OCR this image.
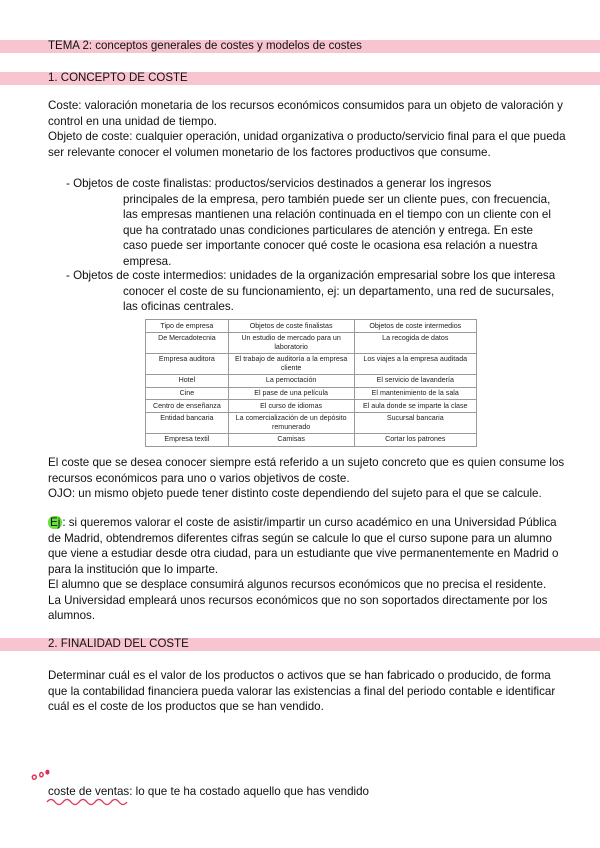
TEMA 2: conceptos generales de costes y modelos de costes
1. CONCEPTO DE COSTE

Coste: valoración monetaria de los recursos económicos consumidos para un objeto de valoración y control en una unidad de tiempo.

Objeto de coste: cualquier operación, unidad organizativa o producto/servicio final para el que pueda ser relevante conocer el volumen monetario de los factores productivos que consume.

- Objetos de coste finalistas: productos/servicios destinados a generar los ingresos
principales de la empresa, pero también puede ser un cliente pues, con frecuencia, las empresas mantienen una relación continuada en el tiempo con un cliente con el que ha contratado unas condiciones particulares de atención y entrega. En este caso puede ser importante conocer qué coste le ocasiona esa relación a nuestra empresa.
- Objetos de coste intermedios: unidades de la organización empresarial sobre los que interesa
conocer el coste de su funcionamiento, ej: un departamento, una red de sucursales, las oficinas centrales.
Tipo de empresa	Objetos de coste finalistas	Objetos de coste intermedios
De Mercadotecnia	Un estudio de mercado para un laboratorio	La recogida de datos
Empresa auditora	El trabajo de auditoría a la empresa cliente	Los viajes a la empresa auditada
Hotel	La pernoctación	El servicio de lavandería
Cine	El pase de una película	El mantenimiento de la sala
Centro de enseñanza	El curso de idiomas	El aula donde se imparte la clase
Entidad bancaria	La comercialización de un depósito remunerado	Sucursal bancaria
Empresa textil	Camisas	Cortar los patrones

El coste que se desea conocer siempre está referido a un sujeto concreto que es quien consume los recursos económicos para uno o varios objetivos de coste.

OJO: un mismo objeto puede tener distinto coste dependiendo del sujeto para el que se calcule.

Ej : si queremos valorar el coste de asistir/impartir un curso académico en una Universidad Pública de Madrid, obtendremos diferentes cifras según se calcule lo que el curso supone para un alumno que viene a estudiar desde otra ciudad, para un estudiante que vive permanentemente en Madrid o para la institución que lo imparte.

El alumno que se desplace consumirá algunos recursos económicos que no precisa el residente.

La Universidad empleará unos recursos económicos que no son soportados directamente por los alumnos.

2. FINALIDAD DEL COSTE

Determinar cuál es el valor de los productos o activos que se han fabricado o producido, de forma que la contabilidad financiera pueda valorar las existencias a final del periodo contable e identificar cuál es el coste de los productos que se han vendido.

coste de ventas: lo que te ha costado aquello que has vendido
